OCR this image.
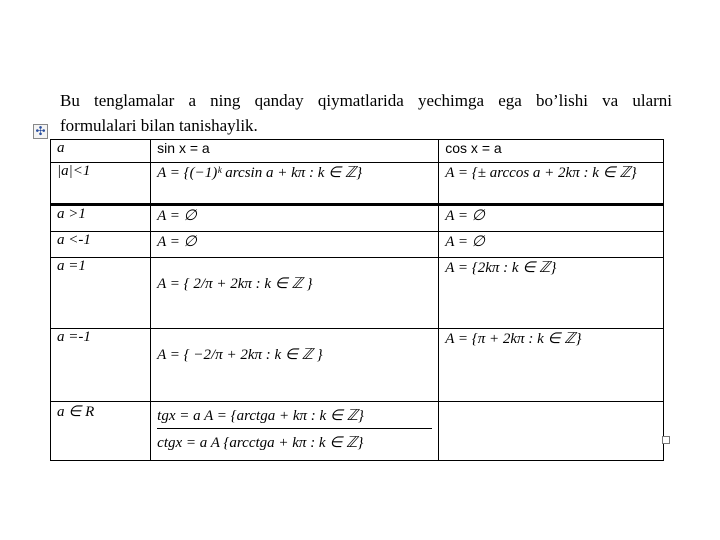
Bu tenglamalar a ning qanday qiymatlarida yechimga ega bo’lishi va ularni
formulalari bilan tanishaylik.
✣
a	sin x = a	cos x = a
|a|<1	A = {(−1)ᵏ arcsin a + kπ : k ∈ ℤ}	A = {± arccos a + 2kπ : k ∈ ℤ}
a >1	A = ∅	A = ∅
a <-1	A = ∅	A = ∅
a =1	A = { 2/π + 2kπ : k ∈ ℤ }	A = {2kπ : k ∈ ℤ}
a =-1	A = { −2/π + 2kπ : k ∈ ℤ }	A = {π + 2kπ : k ∈ ℤ}
a ∈ R	tgx = a A = {arctga + kπ : k ∈ ℤ}
ctgx = a A {arcctga + kπ : k ∈ ℤ}	
